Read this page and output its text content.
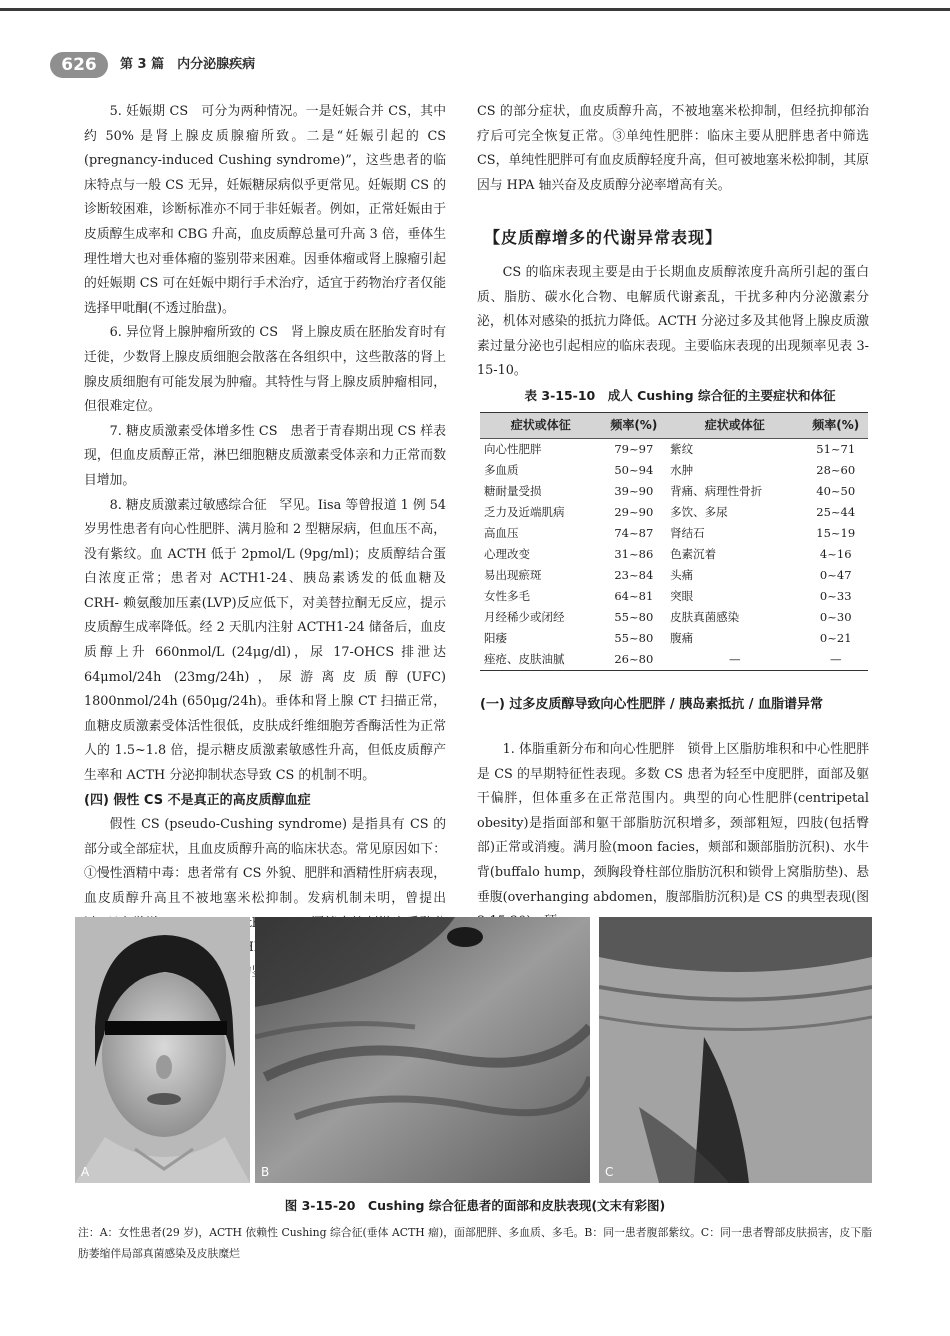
626	第 3 篇　内分泌腺疾病

5. 妊娠期 CS　可分为两种情况。一是妊娠合并 CS，其中约 50% 是肾上腺皮质腺瘤所致。二是“妊娠引起的 CS (pregnancy-induced Cushing syndrome)”，这些患者的临床特点与一般 CS 无异，妊娠糖尿病似乎更常见。妊娠期 CS 的诊断较困难，诊断标准亦不同于非妊娠者。例如，正常妊娠由于皮质醇生成率和 CBG 升高，血皮质醇总量可升高 3 倍，垂体生理性增大也对垂体瘤的鉴别带来困难。因垂体瘤或肾上腺瘤引起的妊娠期 CS 可在妊娠中期行手术治疗，适宜于药物治疗者仅能选择甲吡酮(不透过胎盘)。

6. 异位肾上腺肿瘤所致的 CS　肾上腺皮质在胚胎发育时有迁徙，少数肾上腺皮质细胞会散落在各组织中，这些散落的肾上腺皮质细胞有可能发展为肿瘤。其特性与肾上腺皮质肿瘤相同，但很难定位。

7. 糖皮质激素受体增多性 CS　患者于青春期出现 CS 样表现，但血皮质醇正常，淋巴细胞糖皮质激素受体亲和力正常而数目增加。

8. 糖皮质激素过敏感综合征　罕见。Iisa 等曾报道 1 例 54 岁男性患者有向心性肥胖、满月脸和 2 型糖尿病，但血压不高，没有紫纹。血 ACTH 低于 2pmol/L (9pg/ml)；皮质醇结合蛋白浓度正常；患者对 ACTH1-24、胰岛素诱发的低血糖及 CRH- 赖氨酸加压素(LVP)反应低下，对美替拉酮无反应，提示皮质醇生成率降低。经 2 天肌内注射 ACTH1-24 储备后，血皮质醇上升 660nmol/L (24μg/dl)，尿 17-OHCS 排泄达 64μmol/24h (23mg/24h)，尿游离皮质醇(UFC) 1800nmol/24h (650μg/24h)。垂体和肾上腺 CT 扫描正常，血糖皮质激素受体活性很低，皮肤成纤维细胞芳香酶活性为正常人的 1.5~1.8 倍，提示糖皮质激素敏感性升高，但低皮质醇产生率和 ACTH 分泌抑制状态导致 CS 的机制不明。

(四) 假性 CS 不是真正的高皮质醇血症

假性 CS (pseudo-Cushing syndrome) 是指具有 CS 的部分或全部症状，且血皮质醇升高的临床状态。常见原因如下：①慢性酒精中毒：患者常有 CS 外貌、肥胖和酒精性肝病表现，血皮质醇升高且不被地塞米松抑制。发病机制未明，曾提出

CS 的部分症状，血皮质醇升高，不被地塞米松抑制，但经抗抑郁治疗后可完全恢复正常。③单纯性肥胖：临床主要从肥胖患者中筛选 CS，单纯性肥胖可有血皮质醇轻度升高，但可被地塞米松抑制，其原因与 HPA 轴兴奋及皮质醇分泌率增高有关。

【皮质醇增多的代谢异常表现】

CS 的临床表现主要是由于长期血皮质醇浓度升高所引起的蛋白质、脂肪、碳水化合物、电解质代谢紊乱，干扰多种内分泌激素分泌，机体对感染的抵抗力降低。ACTH 分泌过多及其他肾上腺皮质激素过量分泌也引起相应的临床表现。主要临床表现的出现频率见表 3-15-10。

表 3-15-10　成人 Cushing 综合征的主要症状和体征
症状或体征	频率(%)	症状或体征	频率(%)
向心性肥胖	79~97	紫纹	51~71
多血质	50~94	水肿	28~60
糖耐量受损	39~90	背痛、病理性骨折	40~50
乏力及近端肌病	29~90	多饮、多尿	25~44
高血压	74~87	肾结石	15~19
心理改变	31~86	色素沉着	4~16
易出现瘀斑	23~84	头痛	0~47
女性多毛	64~81	突眼	0~33
月经稀少或闭经	55~80	皮肤真菌感染	0~30
阳痿	55~80	腹痛	0~21
痤疮、皮肤油腻	26~80	—	—
(一) 过多皮质醇导致向心性肥胖 / 胰岛素抵抗 / 血脂谱异常

1. 体脂重新分布和向心性肥胖　锁骨上区脂肪堆积和中心性肥胖是 CS 的早期特征性表现。多数 CS 患者为轻至中度肥胖，面部及躯干偏胖，但体重多在正常范围内。典型的向心性肥胖(centripetal obesity)是指面部和躯干部脂肪沉积增多，颈部粗短，四肢(包括臀部)正常或消瘦。满月脸(moon facies，颊部和颞部脂肪沉积)、水牛背(buffalo hump，颈胸段脊柱部位脂肪沉积和锁骨上窝脂肪垫)、悬垂腹(overhanging abdomen，腹部脂肪沉积)是 CS 的典型表现(图

A	B	C
图 3-15-20　Cushing 综合征患者的面部和皮肤表现(文末有彩图)
注：A：女性患者(29 岁)，ACTH 依赖性 Cushing 综合征(垂体 ACTH 瘤)，面部肥胖、多血质、多毛。B：同一患者腹部紫纹。C：同一患者臀部皮肤损害，皮下脂肪萎缩伴局部真菌感染及皮肤糜烂
